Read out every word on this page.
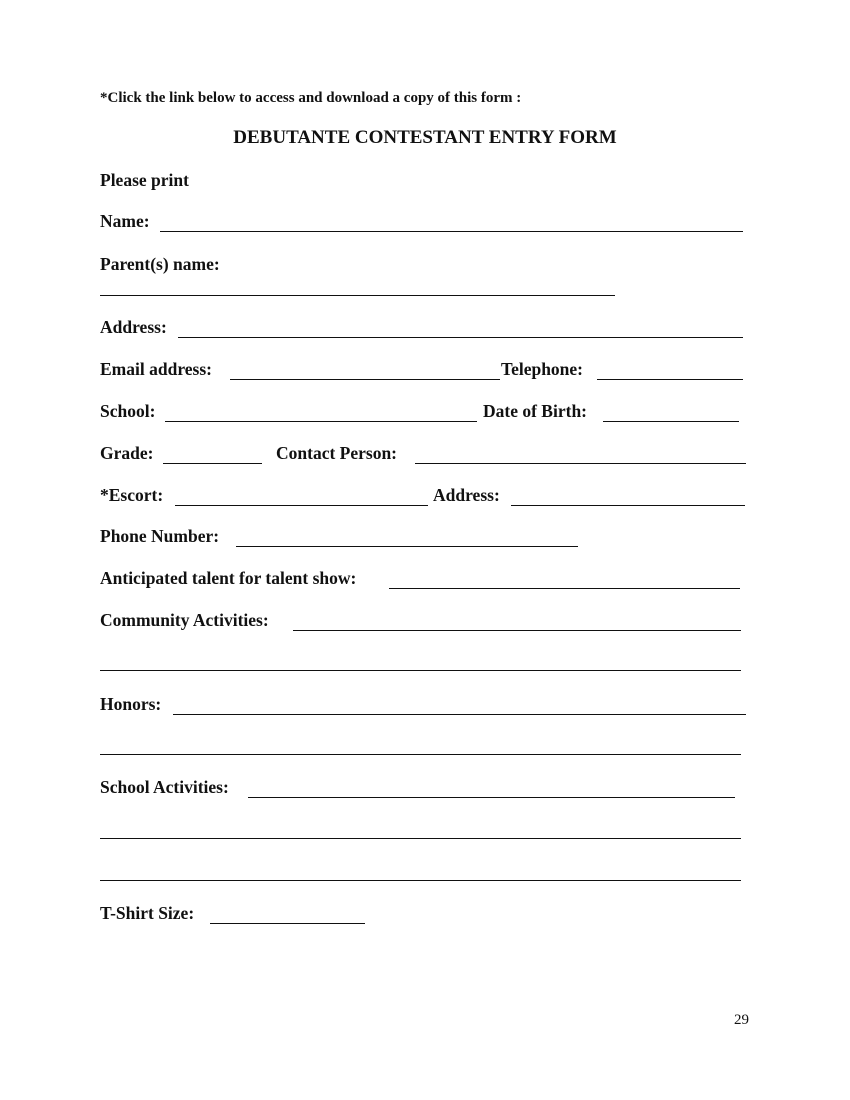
*Click the link below to access and download a copy of this form :
DEBUTANTE CONTESTANT ENTRY FORM
Please print
Name:
Parent(s) name:
Address:
Email address:	Telephone:
School:	Date of Birth:
Grade:	Contact Person:
*Escort:	Address:
Phone Number:
Anticipated talent for talent show:
Community Activities:
Honors:
School Activities:
T-Shirt Size:
29
